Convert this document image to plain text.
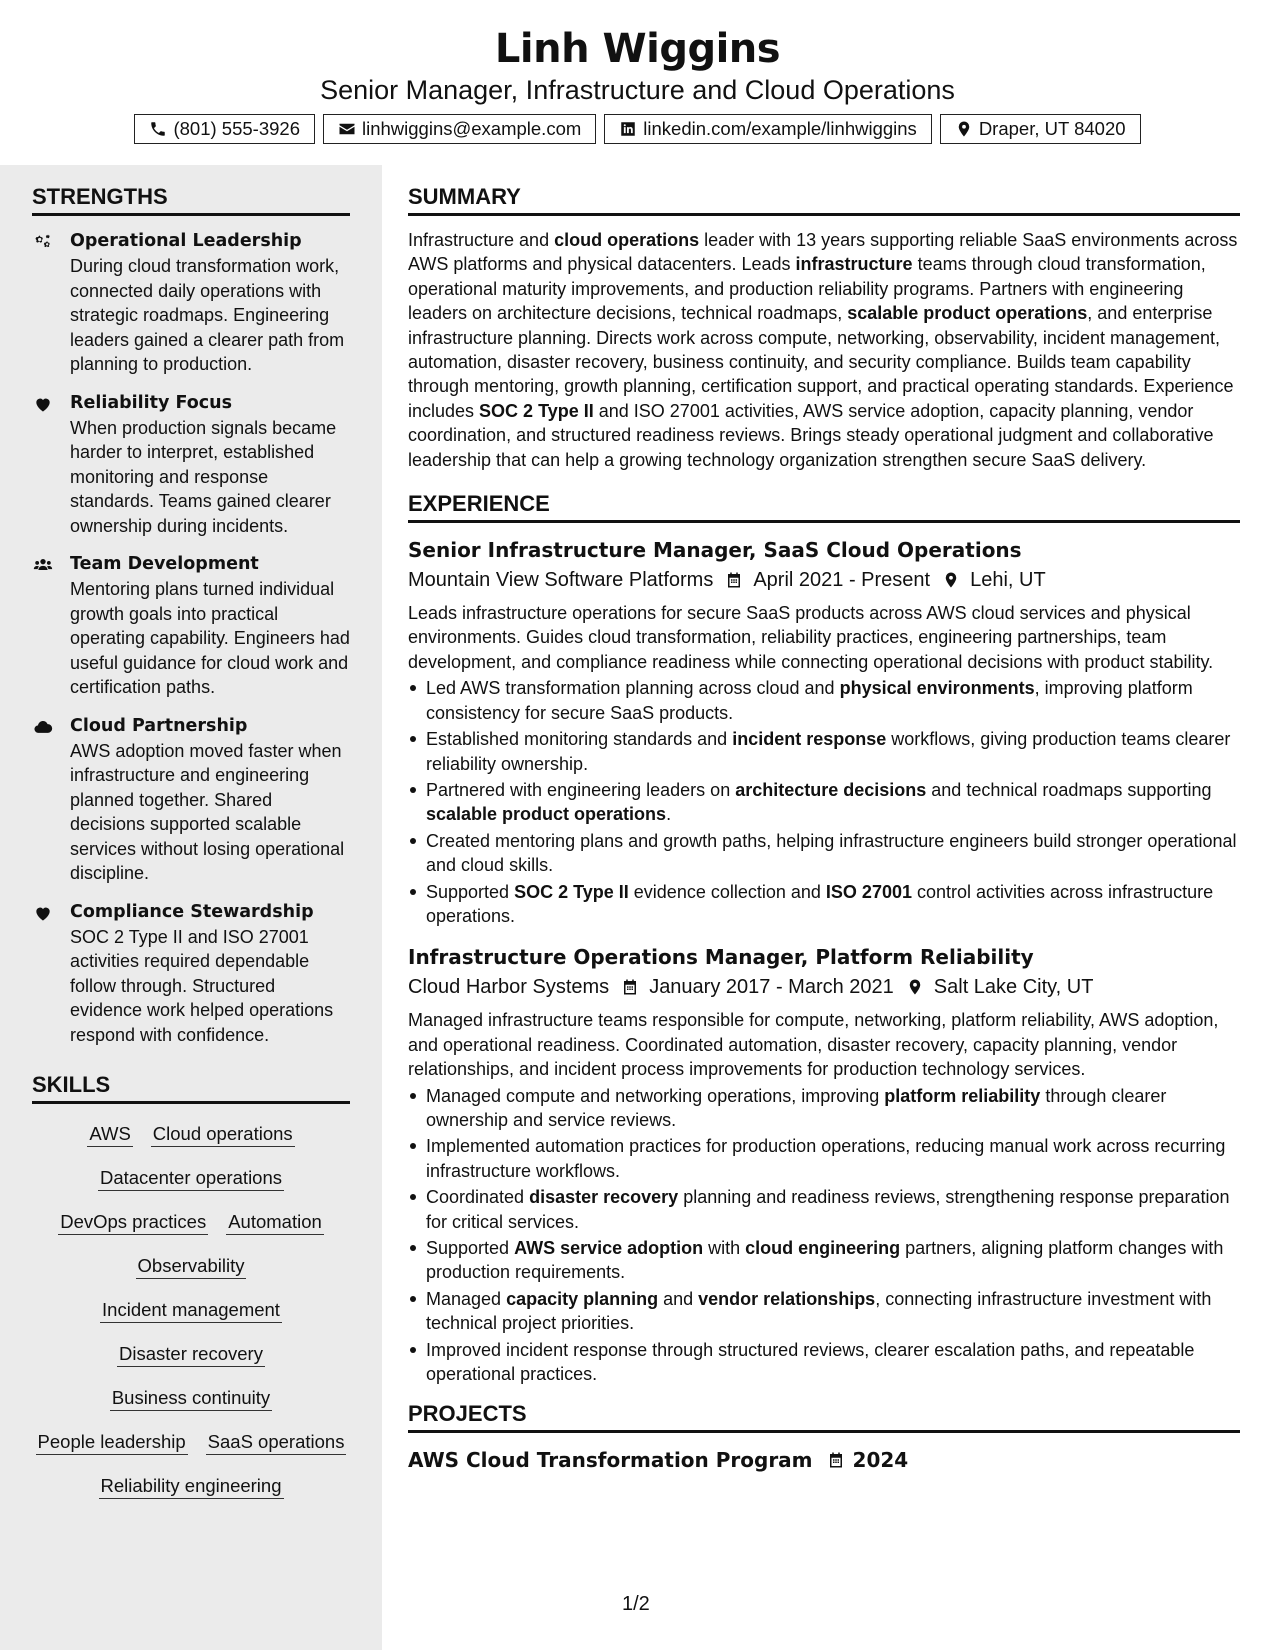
Linh Wiggins
Senior Manager, Infrastructure and Cloud Operations
(801) 555-3926	linhwiggins@example.com	linkedin.com/example/linhwiggins	Draper, UT 84020
STRENGTHS
Operational Leadership
During cloud transformation work, connected daily operations with strategic roadmaps. Engineering leaders gained a clearer path from planning to production.
Reliability Focus
When production signals became harder to interpret, established monitoring and response standards. Teams gained clearer ownership during incidents.
Team Development
Mentoring plans turned individual growth goals into practical operating capability. Engineers had useful guidance for cloud work and certification paths.
Cloud Partnership
AWS adoption moved faster when infrastructure and engineering planned together. Shared decisions supported scalable services without losing operational discipline.
Compliance Stewardship
SOC 2 Type II and ISO 27001 activities required dependable follow through. Structured evidence work helped operations respond with confidence.
SKILLS
AWS Cloud operations
Datacenter operations
DevOps practices Automation
Observability
Incident management
Disaster recovery
Business continuity
People leadership SaaS operations
Reliability engineering
SUMMARY
Infrastructure and cloud operations leader with 13 years supporting reliable SaaS environments across AWS platforms and physical datacenters. Leads infrastructure teams through cloud transformation, operational maturity improvements, and production reliability programs. Partners with engineering leaders on architecture decisions, technical roadmaps, scalable product operations, and enterprise infrastructure planning. Directs work across compute, networking, observability, incident management, automation, disaster recovery, business continuity, and security compliance. Builds team capability through mentoring, growth planning, certification support, and practical operating standards. Experience includes SOC 2 Type II and ISO 27001 activities, AWS service adoption, capacity planning, vendor coordination, and structured readiness reviews. Brings steady operational judgment and collaborative leadership that can help a growing technology organization strengthen secure SaaS delivery.
EXPERIENCE
Senior Infrastructure Manager, SaaS Cloud Operations
Mountain View Software Platforms April 2021 - Present Lehi, UT
Leads infrastructure operations for secure SaaS products across AWS cloud services and physical environments. Guides cloud transformation, reliability practices, engineering partnerships, team development, and compliance readiness while connecting operational decisions with product stability.
Led AWS transformation planning across cloud and physical environments, improving platform consistency for secure SaaS products.
Established monitoring standards and incident response workflows, giving production teams clearer reliability ownership.
Partnered with engineering leaders on architecture decisions and technical roadmaps supporting scalable product operations.
Created mentoring plans and growth paths, helping infrastructure engineers build stronger operational and cloud skills.
Supported SOC 2 Type II evidence collection and ISO 27001 control activities across infrastructure operations.
Infrastructure Operations Manager, Platform Reliability
Cloud Harbor Systems January 2017 - March 2021 Salt Lake City, UT
Managed infrastructure teams responsible for compute, networking, platform reliability, AWS adoption, and operational readiness. Coordinated automation, disaster recovery, capacity planning, vendor relationships, and incident process improvements for production technology services.
Managed compute and networking operations, improving platform reliability through clearer ownership and service reviews.
Implemented automation practices for production operations, reducing manual work across recurring infrastructure workflows.
Coordinated disaster recovery planning and readiness reviews, strengthening response preparation for critical services.
Supported AWS service adoption with cloud engineering partners, aligning platform changes with production requirements.
Managed capacity planning and vendor relationships, connecting infrastructure investment with technical project priorities.
Improved incident response through structured reviews, clearer escalation paths, and repeatable operational practices.
PROJECTS
AWS Cloud Transformation Program 2024
1/2
